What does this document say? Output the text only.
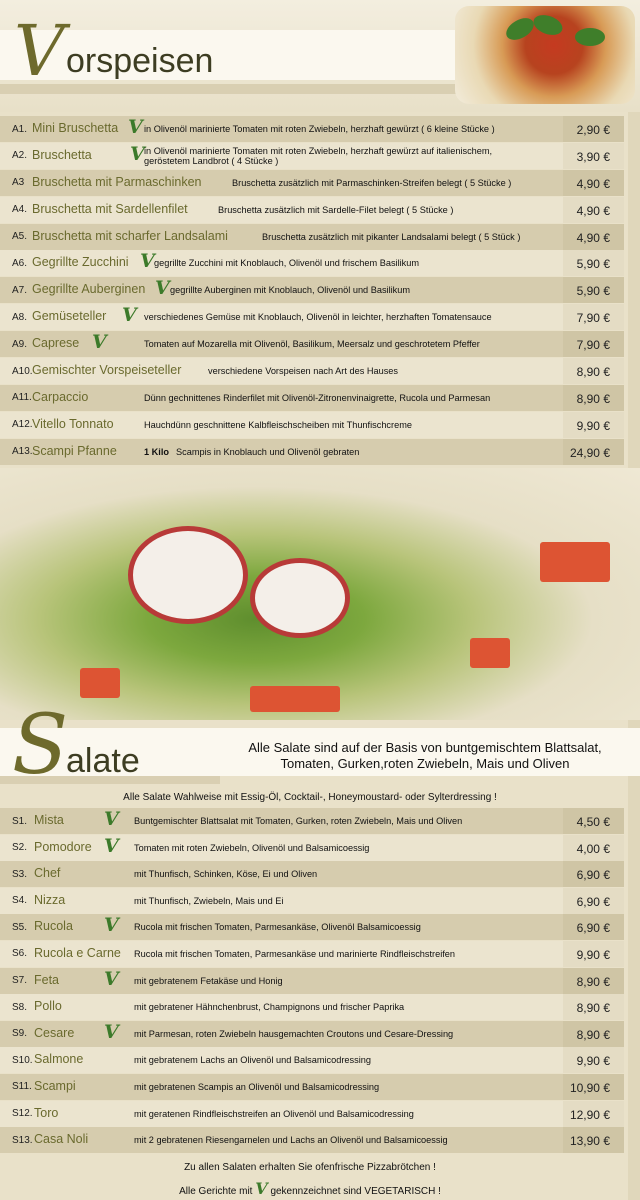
V orspeisen
A1. Mini Bruschetta V in Olivenöl marinierte Tomaten mit roten Zwiebeln, herzhaft gewürzt ( 6 kleine Stücke )	2,90 €
A2. Bruschetta V in Olivenöl marinierte Tomaten mit roten Zwiebeln, herzhaft gewürzt auf italienischem,
geröstetem Landbrot ( 4 Stücke )	3,90 €
A3 Bruschetta mit Parmaschinken	Bruschetta zusätzlich mit Parmaschinken-Streifen belegt ( 5 Stücke )	4,90 €
A4. Bruschetta mit Sardellenfilet	Bruschetta zusätzlich mit Sardelle-Filet belegt ( 5 Stücke )	4,90 €
A5. Bruschetta mit scharfer Landsalami	Bruschetta zusätzlich mit pikanter Landsalami belegt ( 5 Stück )	4,90 €
A6. Gegrillte Zucchini V gegrillte Zucchini mit Knoblauch, Olivenöl und frischem Basilikum	5,90 €
A7. Gegrillte Auberginen V gegrillte Auberginen mit Knoblauch, Olivenöl und Basilikum	5,90 €
A8. Gemüseteller V verschiedenes Gemüse mit Knoblauch, Olivenöl in leichter, herzhaften Tomatensauce	7,90 €
A9. Caprese V	Tomaten auf Mozarella mit Olivenöl, Basilikum, Meersalz und geschrotetem Pfeffer	7,90 €
A10. Gemischter Vorspeiseteller	verschiedene Vorspeisen nach Art des Hauses	8,90 €
A11. Carpaccio	Dünn gechnittenes Rinderfilet mit Olivenöl-Zitronenvinaigrette, Rucola und Parmesan	8,90 €
A12. Vitello Tonnato	Hauchdünn geschnittene Kalbfleischscheiben mit Thunfischcreme	9,90 €
A13. Scampi Pfanne	1 Kilo Scampis in Knoblauch und Olivenöl gebraten	24,90 €
S
alate	Alle Salate sind auf der Basis von buntgemischtem Blattsalat, Tomaten, Gurken,roten Zwiebeln, Mais und Oliven
Alle Salate Wahlweise mit Essig-Öl, Cocktail-, Honeymoustard- oder Sylterdressing !
S1. Mista V Buntgemischter Blattsalat mit Tomaten, Gurken, roten Zwiebeln, Mais und Oliven	4,50 €
S2. Pomodore V Tomaten mit roten Zwiebeln, Olivenöl und Balsamicoessig	4,00 €
S3. Chef	mit Thunfisch, Schinken, Köse, Ei und Oliven	6,90 €
S4. Nizza	mit Thunfisch, Zwiebeln, Mais und Ei	6,90 €
S5. Rucola V Rucola mit frischen Tomaten, Parmesankäse, Olivenöl Balsamicoessig	6,90 €
S6. Rucola e Carne Rucola mit frischen Tomaten, Parmesankäse und marinierte Rindfleischstreifen	9,90 €
S7. Feta V mit gebratenem Fetakäse und Honig	8,90 €
S8. Pollo	mit gebratener Hähnchenbrust, Champignons und frischer Paprika	8,90 €
S9. Cesare V mit Parmesan, roten Zwiebeln hausgemachten Croutons und Cesare-Dressing	8,90 €
S10. Salmone	mit gebratenem Lachs an Olivenöl und Balsamicodressing	9,90 €
S11. Scampi	mit gebratenen Scampis an Olivenöl und Balsamicodressing	10,90 €
S12. Toro	mit geratenen Rindfleischstreifen an Olivenöl und Balsamicodressing	12,90 €
S13. Casa Noli	mit 2 gebratenen Riesengarnelen und Lachs an Olivenöl und Balsamicoessig	13,90 €
Zu allen Salaten erhalten Sie ofenfrische Pizzabrötchen !
Alle Gerichte mit V gekennzeichnet sind VEGETARISCH !
